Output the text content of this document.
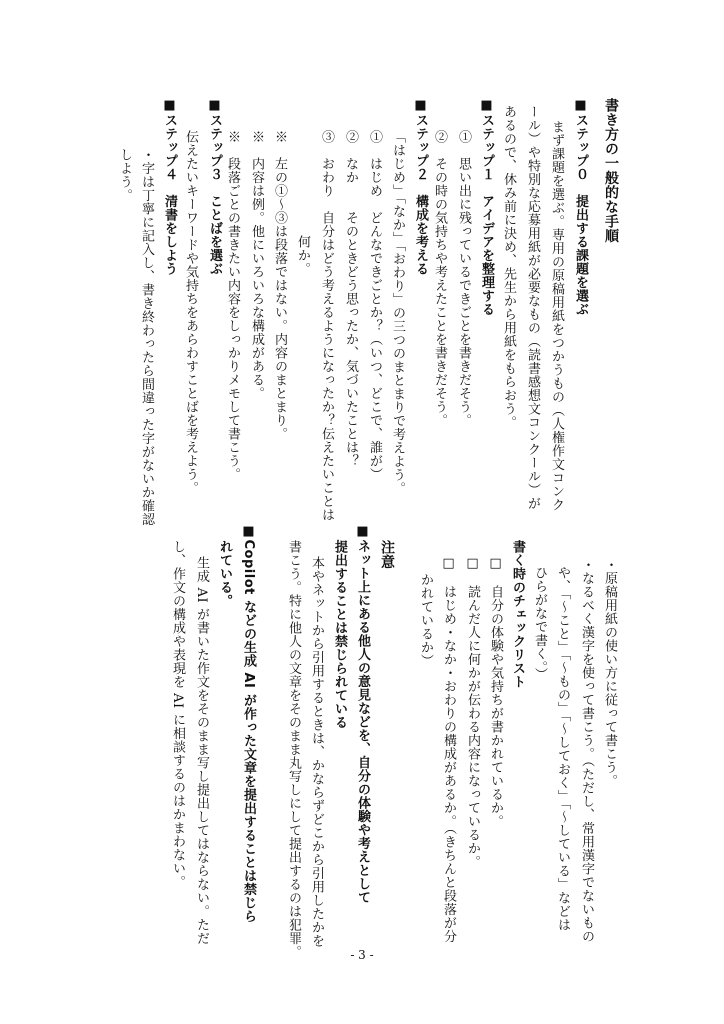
書き方の一般的な手順
■ステップ０　提出する課題を選ぶ
まず課題を選ぶ。専用の原稿用紙をつかうもの（人権作文コンク
ール）や特別な応募用紙が必要なもの（読書感想文コンクール）が
あるので、休み前に決め、先生から用紙をもらおう。
■ステップ１　アイデアを整理する
①　思い出に残っているできごとを書きだそう。
②　その時の気持ちや考えたことを書きだそう。
■ステップ２　構成を考える
「はじめ」「なか」「おわり」の三つのまとまりで考えよう。
①　はじめ　どんなできごとか？（いつ、どこで、誰が）
②　なか　　そのときどう思ったか、気づいたことは？
③　おわり　自分はどう考えるようになったか？伝えたいことは
何か。
※　左の①～③は段落ではない。内容のまとまり。
※　内容は例。他にいろいろな構成がある。
※　段落ごとの書きたい内容をしっかりメモして書こう。
■ステップ３　ことばを選ぶ
伝えたいキーワードや気持ちをあらわすことばを考えよう。
■ステップ４　清書をしよう
・字は丁寧に記入し、書き終わったら間違った字がないか確認
しよう。
・原稿用紙の使い方に従って書こう。
・なるべく漢字を使って書こう。（ただし、常用漢字でないもの
や、「～こと」「～もの」「～しておく」「～している」などは
ひらがなで書く。）
書く時のチェックリスト
□　自分の体験や気持ちが書かれているか。
□　読んだ人に何かが伝わる内容になっているか。
□　はじめ・なか・おわりの構成があるか。（きちんと段落が分
かれているか）
注意
■ネット上にある他人の意見などを、自分の体験や考えとして
提出することは禁じられている
本やネットから引用するときは、かならずどこから引用したかを
書こう。特に他人の文章をそのまま丸写しにして提出するのは犯罪。
■Copilot などの生成 AI が作った文章を提出することは禁じら
れている。
生成 AI が書いた作文をそのまま写し提出してはならない。ただ
し、作文の構成や表現を AI に相談するのはかまわない。
- 3 -
